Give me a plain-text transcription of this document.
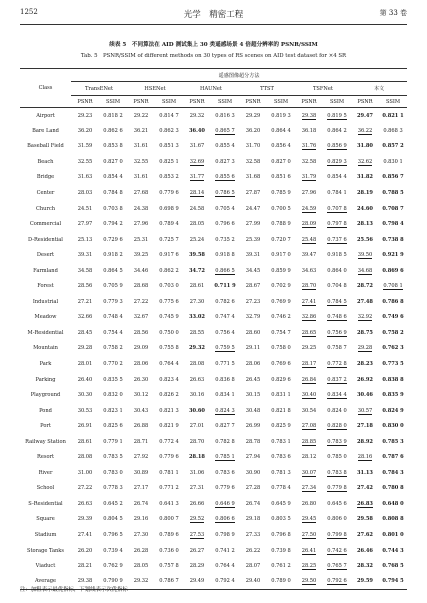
1252	光学　精密工程	第 33 卷
续表 5　不同算法在 AID 测试集上 30 类遥感场景 4 倍超分辨率的 PSNR/SSIM
Tab. 5　PSNR/SSIM of different methods on 30 types of RS scenes on AID test dataset for ×4 SR
Class	遥感图像超分方法											
	TransENet		HSENet		HAUNet		TTST		TSFNet		本文	
	PSNR	SSIM	PSNR	SSIM	PSNR	SSIM	PSNR	SSIM	PSNR	SSIM	PSNR	SSIM
Airport	29.23	0.818 2	29.22	0.814 7	29.32	0.816 3	29.29	0.819 3	29.38	0.819 5	29.47	0.821 1
Bare Land	36.20	0.862 6	36.21	0.862 3	36.40	0.865 7	36.20	0.864 4	36.18	0.864 2	36.22	0.868 3
Baseball Field	31.59	0.853 8	31.61	0.851 3	31.67	0.855 4	31.70	0.856 4	31.76	0.856 9	31.80	0.857 2
Beach	32.55	0.827 0	32.55	0.825 1	32.69	0.827 3	32.58	0.827 0	32.58	0.829 3	32.62	0.830 1
Bridge	31.63	0.854 4	31.61	0.853 2	31.77	0.855 6	31.68	0.851 6	31.79	0.854 4	31.82	0.856 7
Center	28.03	0.784 8	27.68	0.779 6	28.14	0.786 5	27.87	0.785 9	27.96	0.784 1	28.19	0.788 5
Church	24.51	0.703 8	24.38	0.698 9	24.58	0.705 4	24.47	0.700 5	24.59	0.707 8	24.60	0.708 7
Commercial	27.97	0.794 2	27.96	0.789 4	28.05	0.796 6	27.99	0.788 9	28.09	0.797 8	28.13	0.798 4
D-Residential	25.13	0.729 6	25.31	0.725 7	25.24	0.735 2	25.39	0.720 7	25.48	0.737 6	25.56	0.738 8
Desert	39.31	0.918 2	39.25	0.917 6	39.58	0.918 8	39.31	0.917 0	39.47	0.918 5	39.50	0.921 9
Farmland	34.58	0.864 5	34.46	0.862 2	34.72	0.866 5	34.45	0.859 9	34.63	0.864 0	34.68	0.869 6
Forest	28.56	0.705 9	28.68	0.703 0	28.61	0.711 9	28.67	0.702 9	28.70	0.704 8	28.72	0.708 1
Industrial	27.21	0.779 3	27.22	0.775 6	27.30	0.782 6	27.23	0.769 9	27.41	0.784 5	27.48	0.786 8
Meadow	32.66	0.748 4	32.67	0.745 9	33.02	0.747 4	32.79	0.746 2	32.86	0.748 6	32.92	0.749 6
M-Residential	28.45	0.754 4	28.56	0.750 0	28.55	0.756 4	28.60	0.754 7	28.65	0.756 9	28.75	0.758 2
Mountain	29.28	0.758 2	29.09	0.755 8	29.32	0.759 5	29.11	0.758 0	29.25	0.758 7	29.28	0.762 3
Park	28.01	0.770 2	28.06	0.764 4	28.08	0.771 5	28.06	0.769 6	28.17	0.772 8	28.23	0.773 5
Parking	26.40	0.835 5	26.30	0.823 4	26.63	0.836 8	26.45	0.829 6	26.84	0.837 2	26.92	0.838 8
Playground	30.30	0.832 0	30.12	0.826 2	30.16	0.834 1	30.15	0.831 1	30.40	0.834 4	30.46	0.835 9
Pond	30.53	0.823 1	30.43	0.821 3	30.60	0.824 3	30.48	0.821 8	30.54	0.824 0	30.57	0.824 9
Port	26.91	0.825 6	26.88	0.821 9	27.01	0.827 7	26.99	0.825 9	27.08	0.828 0	27.18	0.830 0
Railway Station	28.61	0.779 1	28.71	0.772 4	28.70	0.782 8	28.78	0.783 1	28.85	0.783 9	28.92	0.785 3
Resort	28.08	0.783 5	27.92	0.779 6	28.18	0.785 1	27.94	0.783 6	28.12	0.785 0	28.16	0.787 6
River	31.00	0.783 0	30.89	0.781 1	31.06	0.783 6	30.90	0.781 3	30.07	0.783 8	31.13	0.784 3
School	27.22	0.778 3	27.17	0.771 2	27.31	0.779 6	27.28	0.778 4	27.34	0.779 8	27.42	0.780 8
S-Residential	26.63	0.645 2	26.74	0.641 3	26.66	0.646 9	26.74	0.645 9	26.80	0.645 6	26.83	0.648 0
Square	29.39	0.804 5	29.16	0.800 7	29.52	0.806 6	29.18	0.803 5	29.45	0.806 0	29.58	0.808 8
Stadium	27.41	0.796 5	27.30	0.789 6	27.53	0.798 9	27.33	0.796 8	27.50	0.799 8	27.62	0.801 0
Storage Tanks	26.20	0.739 4	26.28	0.736 0	26.27	0.741 2	26.22	0.739 8	26.41	0.742 6	26.46	0.744 3
Viaduct	28.21	0.762 9	28.05	0.757 8	28.29	0.764 4	28.07	0.761 2	28.25	0.765 7	28.32	0.768 5
Average	29.38	0.790 9	29.32	0.786 7	29.49	0.792 4	29.40	0.789 0	29.50	0.792 6	29.59	0.794 5
注：加粗表示最优指标，下划线表示次优指标
